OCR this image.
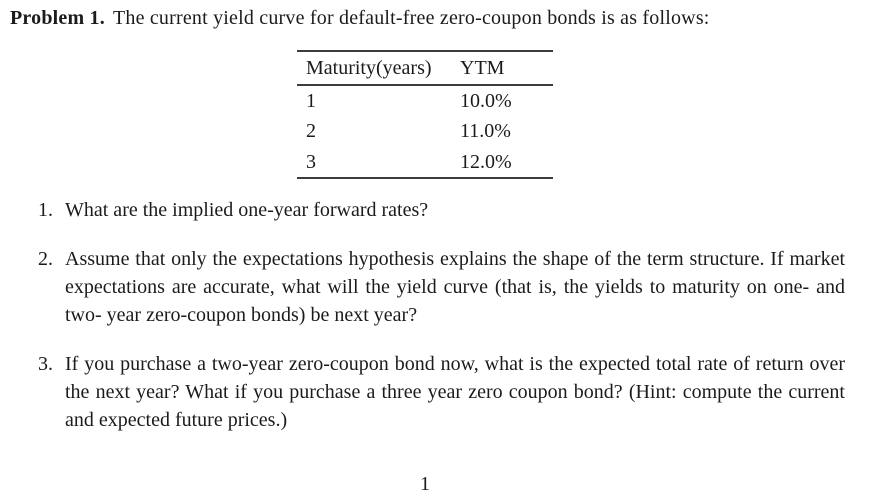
Problem 1. The current yield curve for default-free zero-coupon bonds is as follows:

Maturity(years)	YTM
1	10.0%
2	11.0%
3	12.0%
1. What are the implied one-year forward rates?
2. Assume that only the expectations hypothesis explains the shape of the term structure. If market expectations are accurate, what will the yield curve (that is, the yields to maturity on one- and two- year zero-coupon bonds) be next year?
3. If you purchase a two-year zero-coupon bond now, what is the expected total rate of return over the next year? What if you purchase a three year zero coupon bond? (Hint: compute the current and expected future prices.)
1
